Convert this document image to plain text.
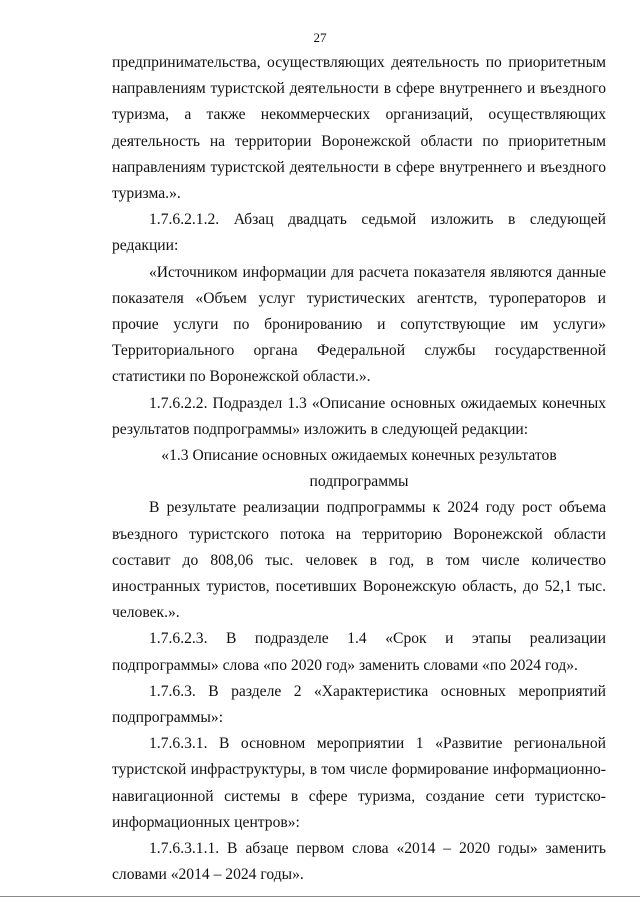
27

предпринимательства, осуществляющих деятельность по приоритетным направлениям туристской деятельности в сфере внутреннего и въездного туризма, а также некоммерческих организаций, осуществляющих деятельность на территории Воронежской области по приоритетным направлениям туристской деятельности в сфере внутреннего и въездного туризма.».

1.7.6.2.1.2. Абзац двадцать седьмой изложить в следующей редакции:

«Источником информации для расчета показателя являются данные показателя «Объем услуг туристических агентств, туроператоров и прочие услуги по бронированию и сопутствующие им услуги» Территориального органа Федеральной службы государственной статистики по Воронежской области.».

1.7.6.2.2. Подраздел 1.3 «Описание основных ожидаемых конечных результатов подпрограммы» изложить в следующей редакции:

«1.3 Описание основных ожидаемых конечных результатов подпрограммы

В результате реализации подпрограммы к 2024 году рост объема въездного туристского потока на территорию Воронежской области составит до 808,06 тыс. человек в год, в том числе количество иностранных туристов, посетивших Воронежскую область, до 52,1 тыс. человек.».

1.7.6.2.3. В подразделе 1.4 «Срок и этапы реализации подпрограммы» слова «по 2020 год» заменить словами «по 2024 год».

1.7.6.3. В разделе 2 «Характеристика основных мероприятий подпрограммы»:

1.7.6.3.1. В основном мероприятии 1 «Развитие региональной туристской инфраструктуры, в том числе формирование информационно-навигационной системы в сфере туризма, создание сети туристско-информационных центров»:

1.7.6.3.1.1. В абзаце первом слова «2014 – 2020 годы» заменить словами «2014 – 2024 годы».
